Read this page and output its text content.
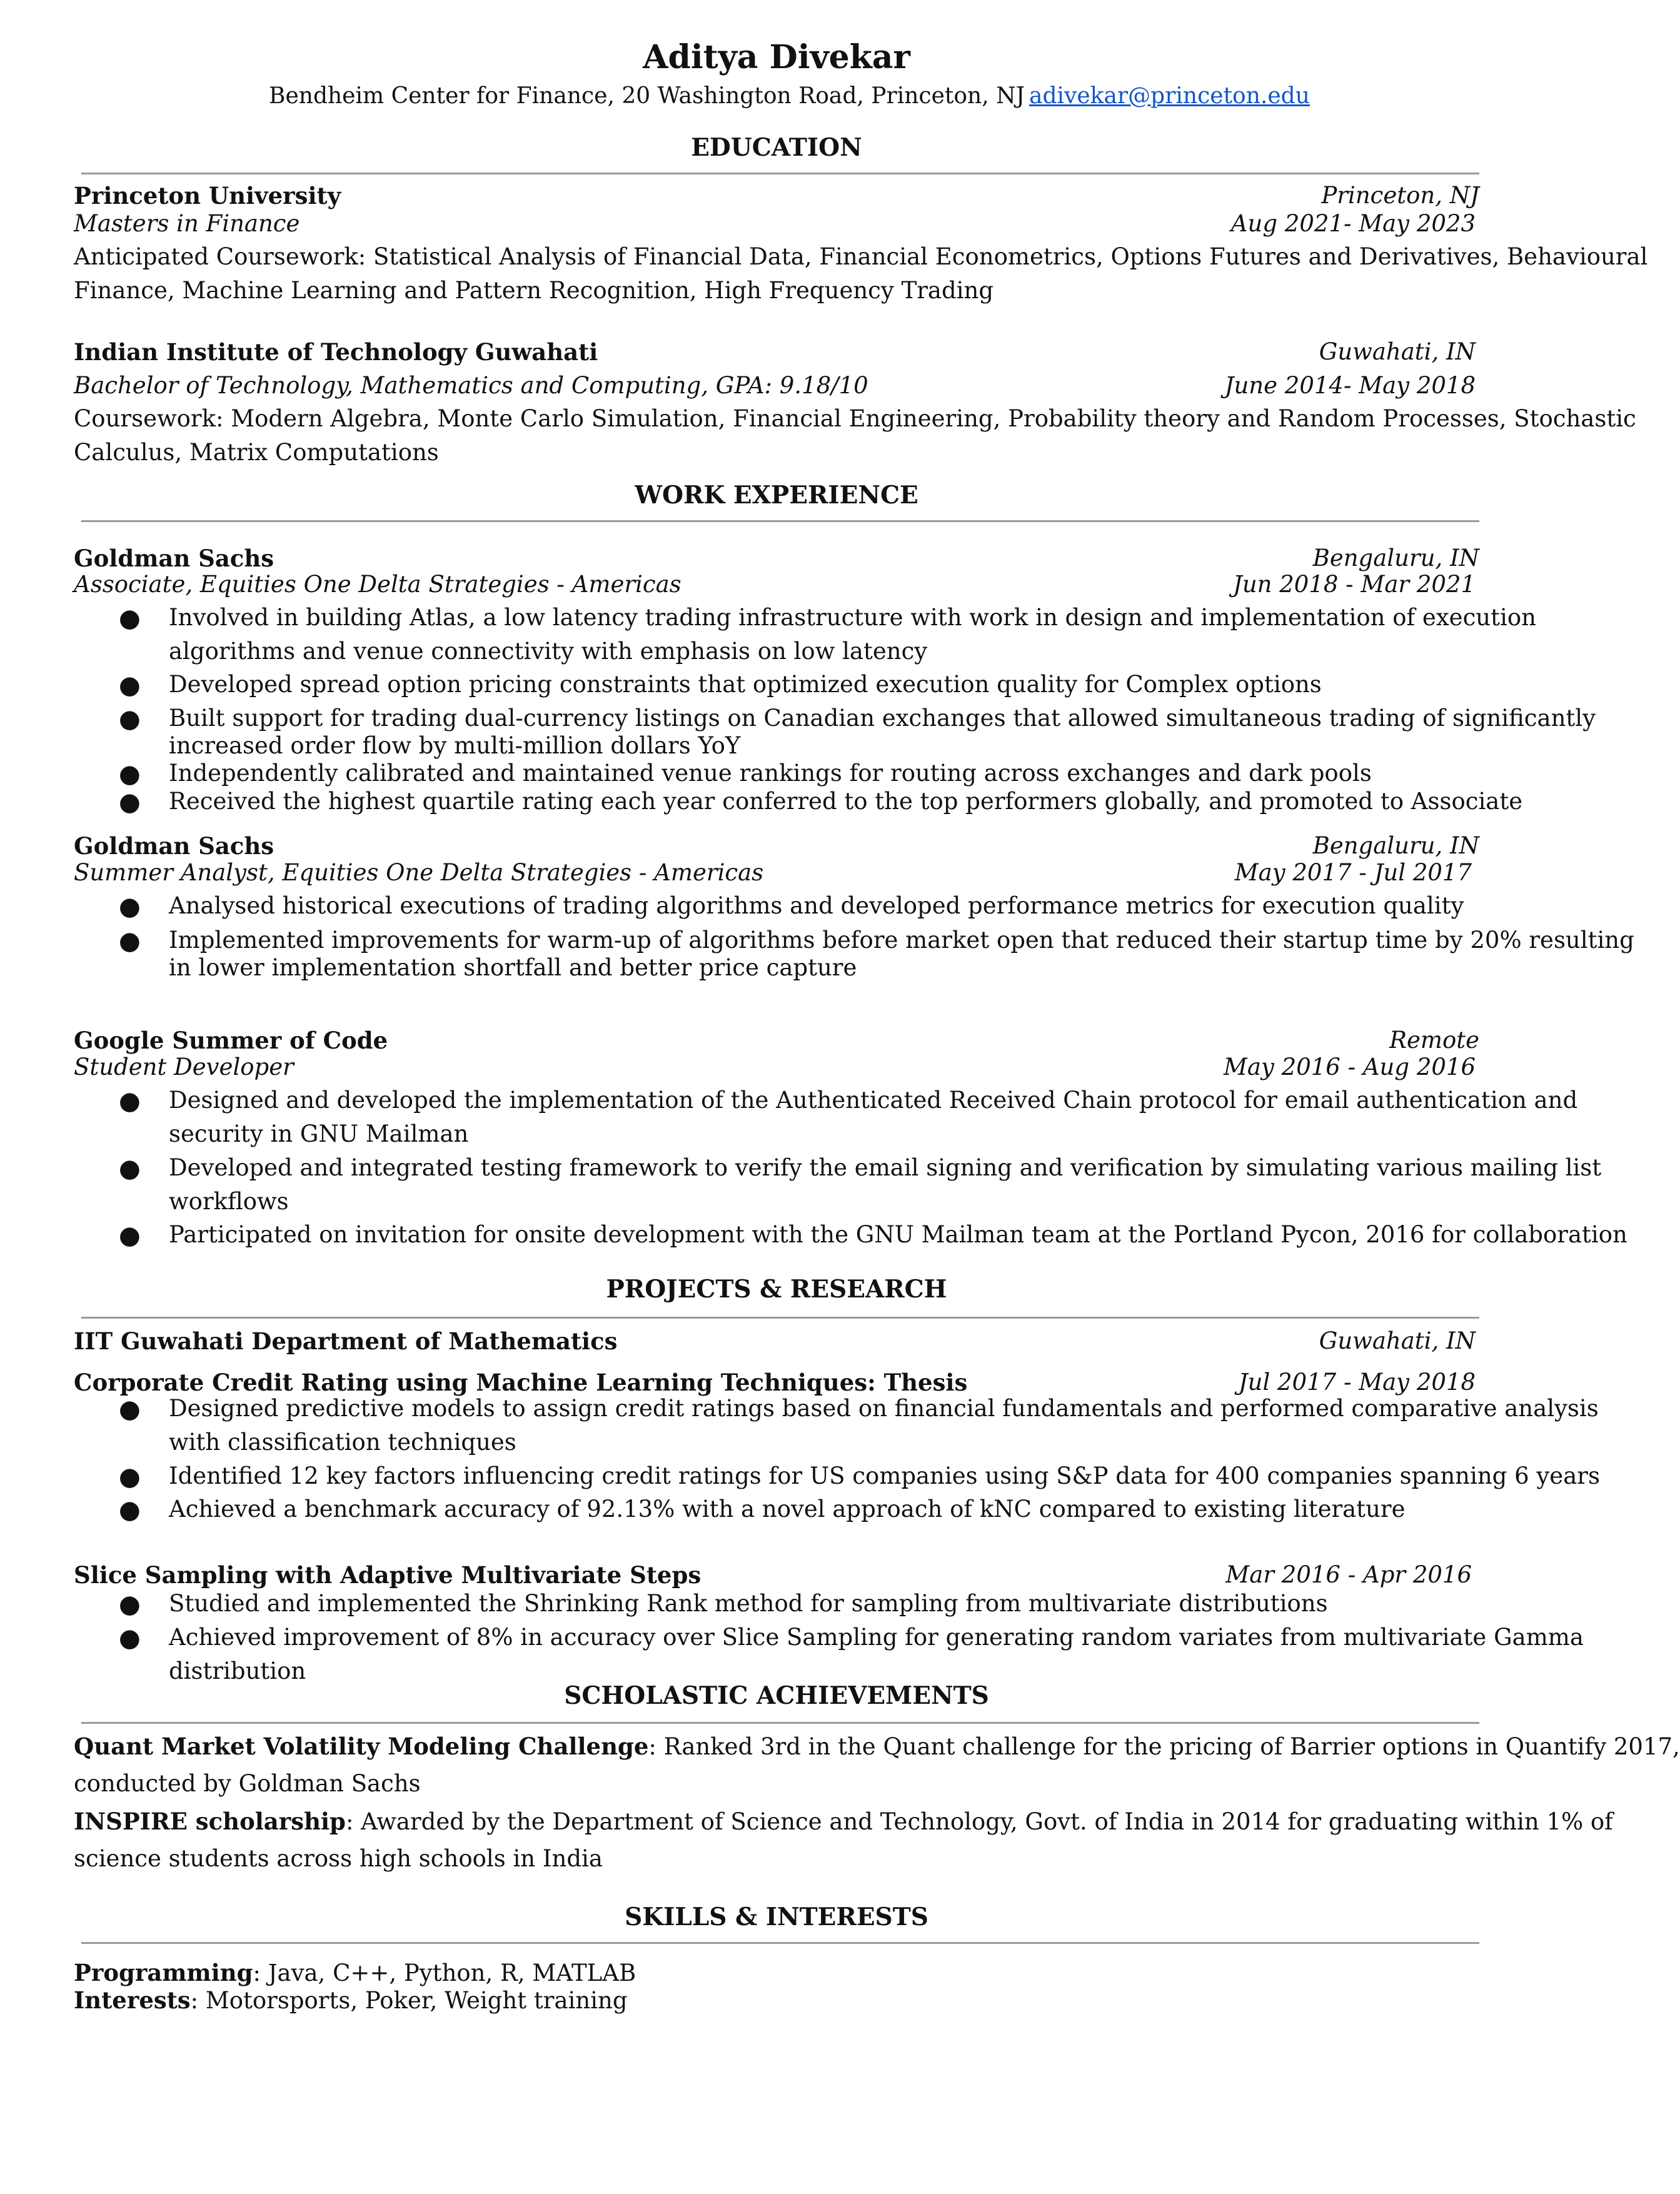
Aditya Divekar
Bendheim Center for Finance, 20 Washington Road, Princeton, NJ adivekar@princeton.edu
EDUCATION
Princeton University	Princeton, NJ
Masters in Finance	Aug 2021- May 2023
Anticipated Coursework: Statistical Analysis of Financial Data, Financial Econometrics, Options Futures and Derivatives, Behavioural
Finance, Machine Learning and Pattern Recognition, High Frequency Trading
Indian Institute of Technology Guwahati	Guwahati, IN
Bachelor of Technology, Mathematics and Computing, GPA: 9.18/10	June 2014- May 2018
Coursework: Modern Algebra, Monte Carlo Simulation, Financial Engineering, Probability theory and Random Processes, Stochastic
Calculus, Matrix Computations
WORK EXPERIENCE
Goldman Sachs	Bengaluru, IN
Associate, Equities One Delta Strategies - Americas	Jun 2018 - Mar 2021
● Involved in building Atlas, a low latency trading infrastructure with work in design and implementation of execution
algorithms and venue connectivity with emphasis on low latency
● Developed spread option pricing constraints that optimized execution quality for Complex options
● Built support for trading dual-currency listings on Canadian exchanges that allowed simultaneous trading of significantly
increased order flow by multi-million dollars YoY
● Independently calibrated and maintained venue rankings for routing across exchanges and dark pools
● Received the highest quartile rating each year conferred to the top performers globally, and promoted to Associate
Goldman Sachs	Bengaluru, IN
Summer Analyst, Equities One Delta Strategies - Americas	May 2017 - Jul 2017
● Analysed historical executions of trading algorithms and developed performance metrics for execution quality
● Implemented improvements for warm-up of algorithms before market open that reduced their startup time by 20% resulting
in lower implementation shortfall and better price capture
Google Summer of Code	Remote
Student Developer	May 2016 - Aug 2016
● Designed and developed the implementation of the Authenticated Received Chain protocol for email authentication and
security in GNU Mailman
● Developed and integrated testing framework to verify the email signing and verification by simulating various mailing list
workflows
● Participated on invitation for onsite development with the GNU Mailman team at the Portland Pycon, 2016 for collaboration
PROJECTS & RESEARCH
IIT Guwahati Department of Mathematics	Guwahati, IN
Corporate Credit Rating using Machine Learning Techniques: Thesis	Jul 2017 - May 2018
● Designed predictive models to assign credit ratings based on financial fundamentals and performed comparative analysis
with classification techniques
● Identified 12 key factors influencing credit ratings for US companies using S&P data for 400 companies spanning 6 years
● Achieved a benchmark accuracy of 92.13% with a novel approach of kNC compared to existing literature
Slice Sampling with Adaptive Multivariate Steps	Mar 2016 - Apr 2016
● Studied and implemented the Shrinking Rank method for sampling from multivariate distributions
● Achieved improvement of 8% in accuracy over Slice Sampling for generating random variates from multivariate Gamma
distribution
SCHOLASTIC ACHIEVEMENTS
Quant Market Volatility Modeling Challenge: Ranked 3rd in the Quant challenge for the pricing of Barrier options in Quantify 2017,
conducted by Goldman Sachs
INSPIRE scholarship: Awarded by the Department of Science and Technology, Govt. of India in 2014 for graduating within 1% of
science students across high schools in India
SKILLS & INTERESTS
Programming: Java, C++, Python, R, MATLAB
Interests: Motorsports, Poker, Weight training
